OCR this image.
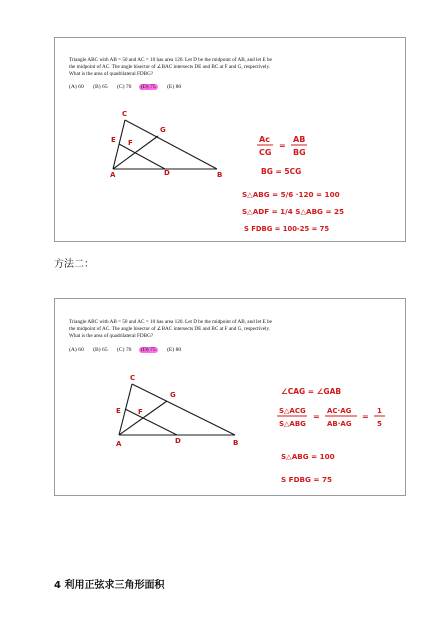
Triangle ABC with AB = 50 and AC = 10 has area 120. Let D be the midpoint of AB, and let E be
the midpoint of AC. The angle bisector of ∠BAC intersects DE and BC at F and G, respectively.
What is the area of quadrilateral FDBG?
(A) 60 (B) 65 (C) 70 (D) 75 (E) 80
C
G
E F
A	D	B
Ac
CG
=
AB
BG
BG = 5CG
S△ABG = 5/6 ·120 = 100
S△ADF = 1/4 S△ABG = 25
S FDBG = 100-25 = 75
方法二：
Triangle ABC with AB = 50 and AC = 10 has area 120. Let D be the midpoint of AB, and let E be
the midpoint of AC. The angle bisector of ∠BAC intersects DE and BC at F and G, respectively.
What is the area of quadrilateral FDBG?
(A) 60 (B) 65 (C) 70 (D) 75 (E) 80
C
G
E F
A	D	B
∠CAG = ∠GAB
S△ACG
S△ABG
=
AC·AG
AB·AG
=
1
5
S△ABG = 100
S FDBG = 75
4 利用正弦求三角形面积
